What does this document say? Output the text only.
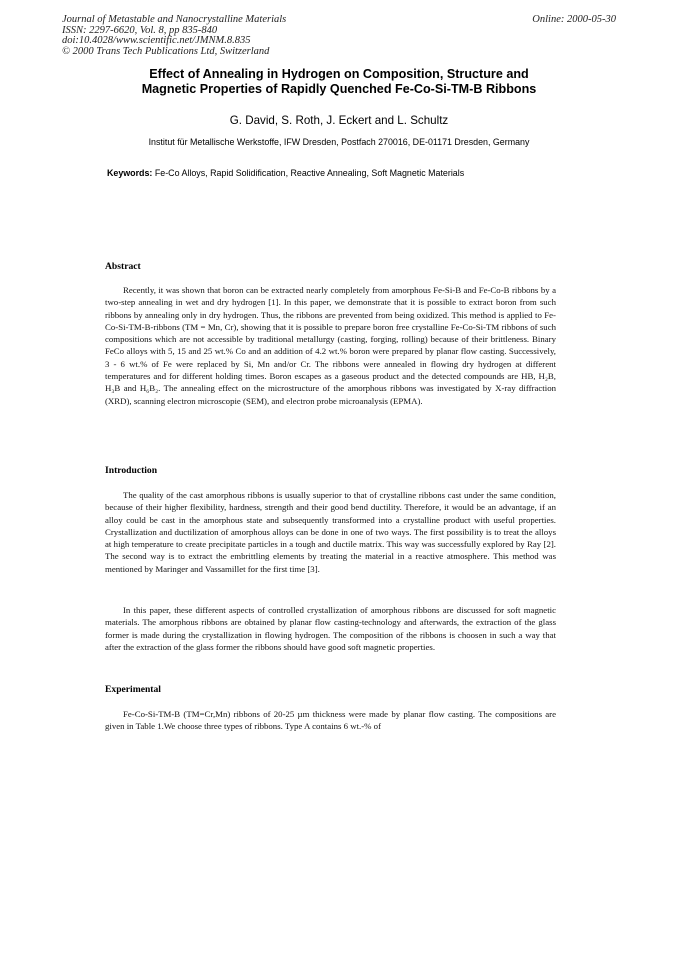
Journal of Metastable and Nanocrystalline Materials
ISSN: 2297-6620, Vol. 8, pp 835-840
doi:10.4028/www.scientific.net/JMNM.8.835
© 2000 Trans Tech Publications Ltd, Switzerland
Online: 2000-05-30
Effect of Annealing in Hydrogen on Composition, Structure and
Magnetic Properties of Rapidly Quenched Fe-Co-Si-TM-B Ribbons
G. David, S. Roth, J. Eckert and L. Schultz
Institut für Metallische Werkstoffe, IFW Dresden, Postfach 270016, DE-01171 Dresden, Germany
Keywords: Fe-Co Alloys, Rapid Solidification, Reactive Annealing, Soft Magnetic Materials
Abstract

Recently, it was shown that boron can be extracted nearly completely from amorphous Fe-Si-B and Fe-Co-B ribbons by a two-step annealing in wet and dry hydrogen [1]. In this paper, we demonstrate that it is possible to extract boron from such ribbons by annealing only in dry hydrogen. Thus, the ribbons are prevented from being oxidized. This method is applied to Fe-Co-Si-TM-B-ribbons (TM = Mn, Cr), showing that it is possible to prepare boron free crystalline Fe-Co-Si-TM ribbons of such compositions which are not accessible by traditional metallurgy (casting, forging, rolling) because of their brittleness. Binary FeCo alloys with 5, 15 and 25 wt.% Co and an addition of 4.2 wt.% boron were prepared by planar flow casting. Successively, 3 - 6 wt.% of Fe were replaced by Si, Mn and/or Cr. The ribbons were annealed in flowing dry hydrogen at different temperatures and for different holding times. Boron escapes as a gaseous product and the detected compounds are HB, H₂B, H₃B and H₆B₂. The annealing effect on the microstructure of the amorphous ribbons was investigated by X-ray diffraction (XRD), scanning electron microscopie (SEM), and electron probe microanalysis (EPMA).

Introduction

The quality of the cast amorphous ribbons is usually superior to that of crystalline ribbons cast under the same condition, because of their higher flexibility, hardness, strength and their good bend ductility. Therefore, it would be an advantage, if an alloy could be cast in the amorphous state and subsequently transformed into a crystalline product with useful properties. Crystallization and ductilization of amorphous alloys can be done in one of two ways. The first possibility is to treat the alloys at high temperature to create precipitate particles in a tough and ductile matrix. This way was successfully explored by Ray [2]. The second way is to extract the embrittling elements by treating the material in a reactive atmosphere. This method was mentioned by Maringer and Vassamillet for the first time [3].

In this paper, these different aspects of controlled crystallization of amorphous ribbons are discussed for soft magnetic materials. The amorphous ribbons are obtained by planar flow casting-technology and afterwards, the extraction of the glass former is made during the crystallization in flowing hydrogen. The composition of the ribbons is choosen in such a way that after the extraction of the glass former the ribbons should have good soft magnetic properties.

Experimental

Fe-Co-Si-TM-B (TM=Cr,Mn) ribbons of 20-25 µm thickness were made by planar flow casting. The compositions are given in Table 1.We choose three types of ribbons. Type A contains 6 wt.-% of
